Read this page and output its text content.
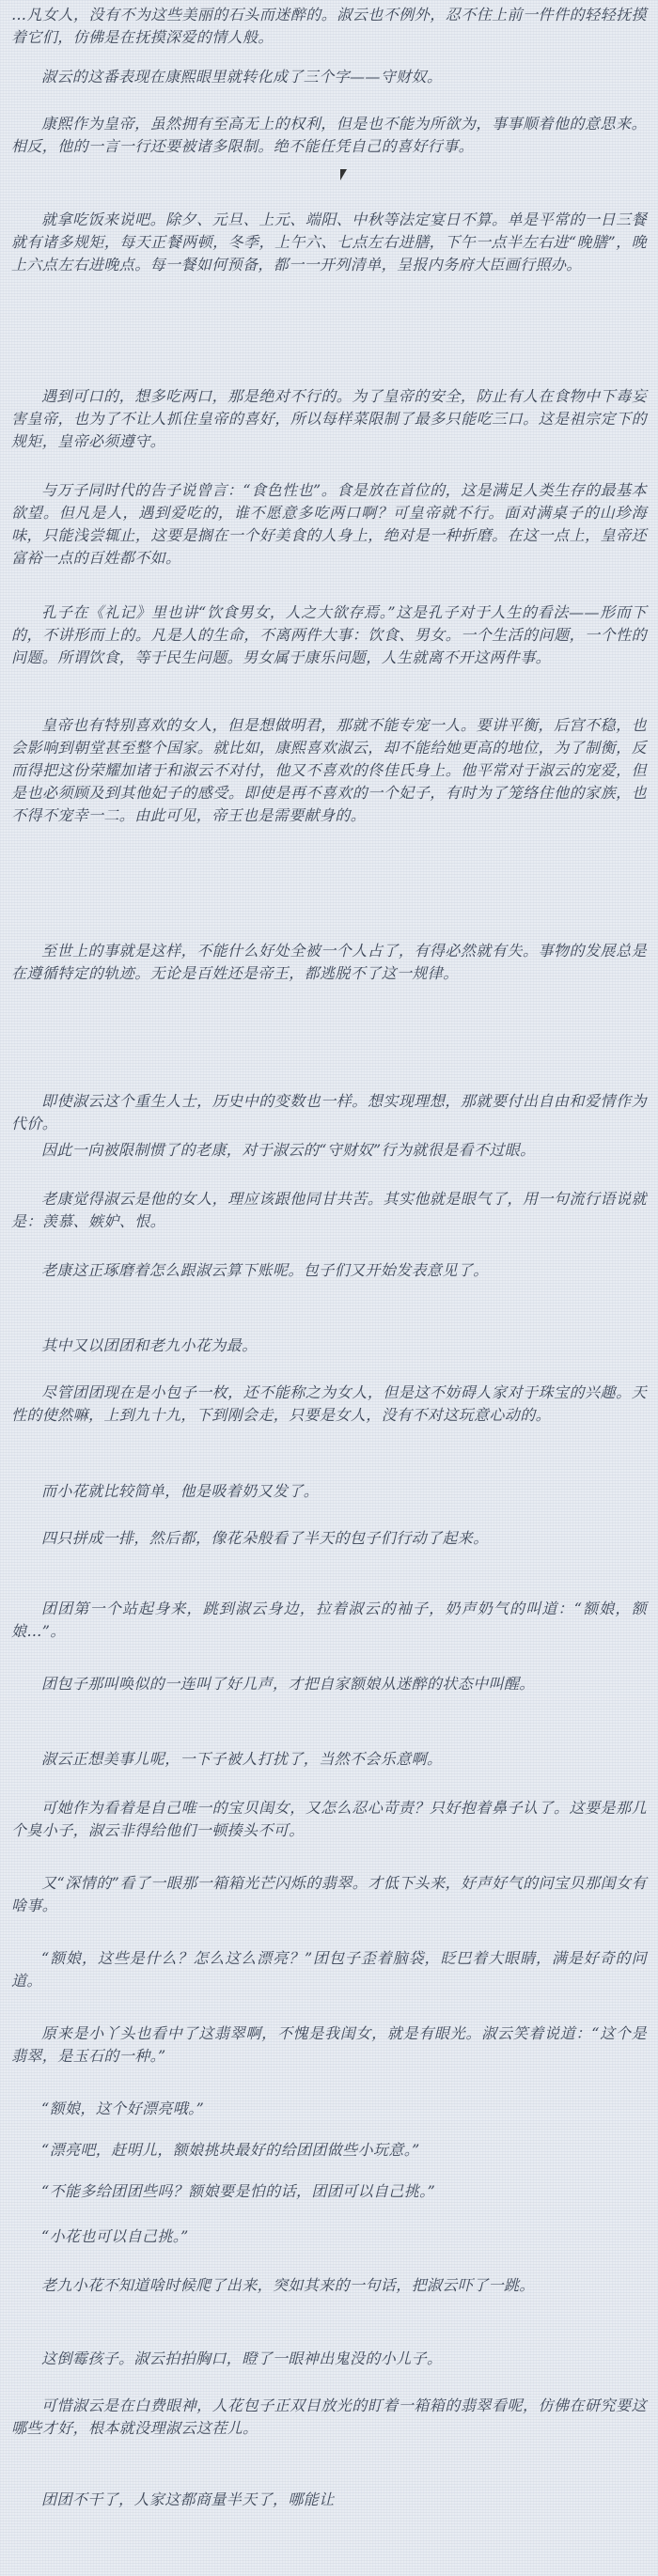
…凡女人，没有不为这些美丽的石头而迷醉的。淑云也不例外，忍不住上前一件件的轻轻抚摸着它们，仿佛是在抚摸深爱的情人般。

淑云的这番表现在康熙眼里就转化成了三个字——守财奴。

康熙作为皇帝，虽然拥有至高无上的权利，但是也不能为所欲为，事事顺着他的意思来。相反，他的一言一行还要被诸多限制。绝不能任凭自己的喜好行事。

就拿吃饭来说吧。除夕、元旦、上元、端阳、中秋等法定宴日不算。单是平常的一日三餐就有诸多规矩，每天正餐两顿，冬季，上午六、七点左右进膳，下午一点半左右进“晚膳”，晚上六点左右进晚点。每一餐如何预备，都一一开列清单，呈报内务府大臣画行照办。

遇到可口的，想多吃两口，那是绝对不行的。为了皇帝的安全，防止有人在食物中下毒妄害皇帝，也为了不让人抓住皇帝的喜好，所以每样菜限制了最多只能吃三口。这是祖宗定下的规矩，皇帝必须遵守。

与万子同时代的告子说曾言：“食色性也”。食是放在首位的，这是满足人类生存的最基本欲望。但凡是人，遇到爱吃的，谁不愿意多吃两口啊？可皇帝就不行。面对满桌子的山珍海味，只能浅尝辄止，这要是搁在一个好美食的人身上，绝对是一种折磨。在这一点上，皇帝还富裕一点的百姓都不如。

孔子在《礼记》里也讲“饮食男女，人之大欲存焉。”这是孔子对于人生的看法——形而下的，不讲形而上的。凡是人的生命，不离两件大事：饮食、男女。一个生活的问题，一个性的问题。所谓饮食，等于民生问题。男女属于康乐问题，人生就离不开这两件事。

皇帝也有特别喜欢的女人，但是想做明君，那就不能专宠一人。要讲平衡，后宫不稳，也会影响到朝堂甚至整个国家。就比如，康熙喜欢淑云，却不能给她更高的地位，为了制衡，反而得把这份荣耀加诸于和淑云不对付，他又不喜欢的佟佳氏身上。他平常对于淑云的宠爱，但是也必须顾及到其他妃子的感受。即使是再不喜欢的一个妃子，有时为了笼络住他的家族，也不得不宠幸一二。由此可见，帝王也是需要献身的。

至世上的事就是这样，不能什么好处全被一个人占了，有得必然就有失。事物的发展总是在遵循特定的轨迹。无论是百姓还是帝王，都逃脱不了这一规律。

即使淑云这个重生人士，历史中的变数也一样。想实现理想，那就要付出自由和爱情作为代价。

因此一向被限制惯了的老康，对于淑云的“守财奴”行为就很是看不过眼。

老康觉得淑云是他的女人，理应该跟他同甘共苦。其实他就是眼气了，用一句流行语说就是：羡慕、嫉妒、恨。

老康这正琢磨着怎么跟淑云算下账呢。包子们又开始发表意见了。

其中又以团团和老九小花为最。

尽管团团现在是小包子一枚，还不能称之为女人，但是这不妨碍人家对于珠宝的兴趣。天性的使然嘛，上到九十九，下到刚会走，只要是女人，没有不对这玩意心动的。

而小花就比较简单，他是吸着奶又发了。

四只拼成一排，然后都，像花朵般看了半天的包子们行动了起来。

团团第一个站起身来，跳到淑云身边，拉着淑云的袖子，奶声奶气的叫道：“额娘，额娘…”。

团包子那叫唤似的一连叫了好几声，才把自家额娘从迷醉的状态中叫醒。

淑云正想美事儿呢，一下子被人打扰了，当然不会乐意啊。

可她作为看着是自己唯一的宝贝闺女，又怎么忍心苛责？只好抱着鼻子认了。这要是那几个臭小子，淑云非得给他们一顿揍头不可。

又“深情的”看了一眼那一箱箱光芒闪烁的翡翠。才低下头来，好声好气的问宝贝那闺女有啥事。

“额娘，这些是什么？怎么这么漂亮？”团包子歪着脑袋，眨巴着大眼睛，满是好奇的问道。

原来是小丫头也看中了这翡翠啊，不愧是我闺女，就是有眼光。淑云笑着说道：“这个是翡翠，是玉石的一种。”

“额娘，这个好漂亮哦。”

“漂亮吧，赶明儿，额娘挑块最好的给团团做些小玩意。”

“不能多给团团些吗？额娘要是怕的话，团团可以自己挑。”

“小花也可以自己挑。”

老九小花不知道啥时候爬了出来，突如其来的一句话，把淑云吓了一跳。

这倒霉孩子。淑云拍拍胸口，瞪了一眼神出鬼没的小儿子。

可惜淑云是在白费眼神，人花包子正双目放光的盯着一箱箱的翡翠看呢，仿佛在研究要这哪些才好，根本就没理淑云这茬儿。

团团不干了，人家这都商量半天了，哪能让
